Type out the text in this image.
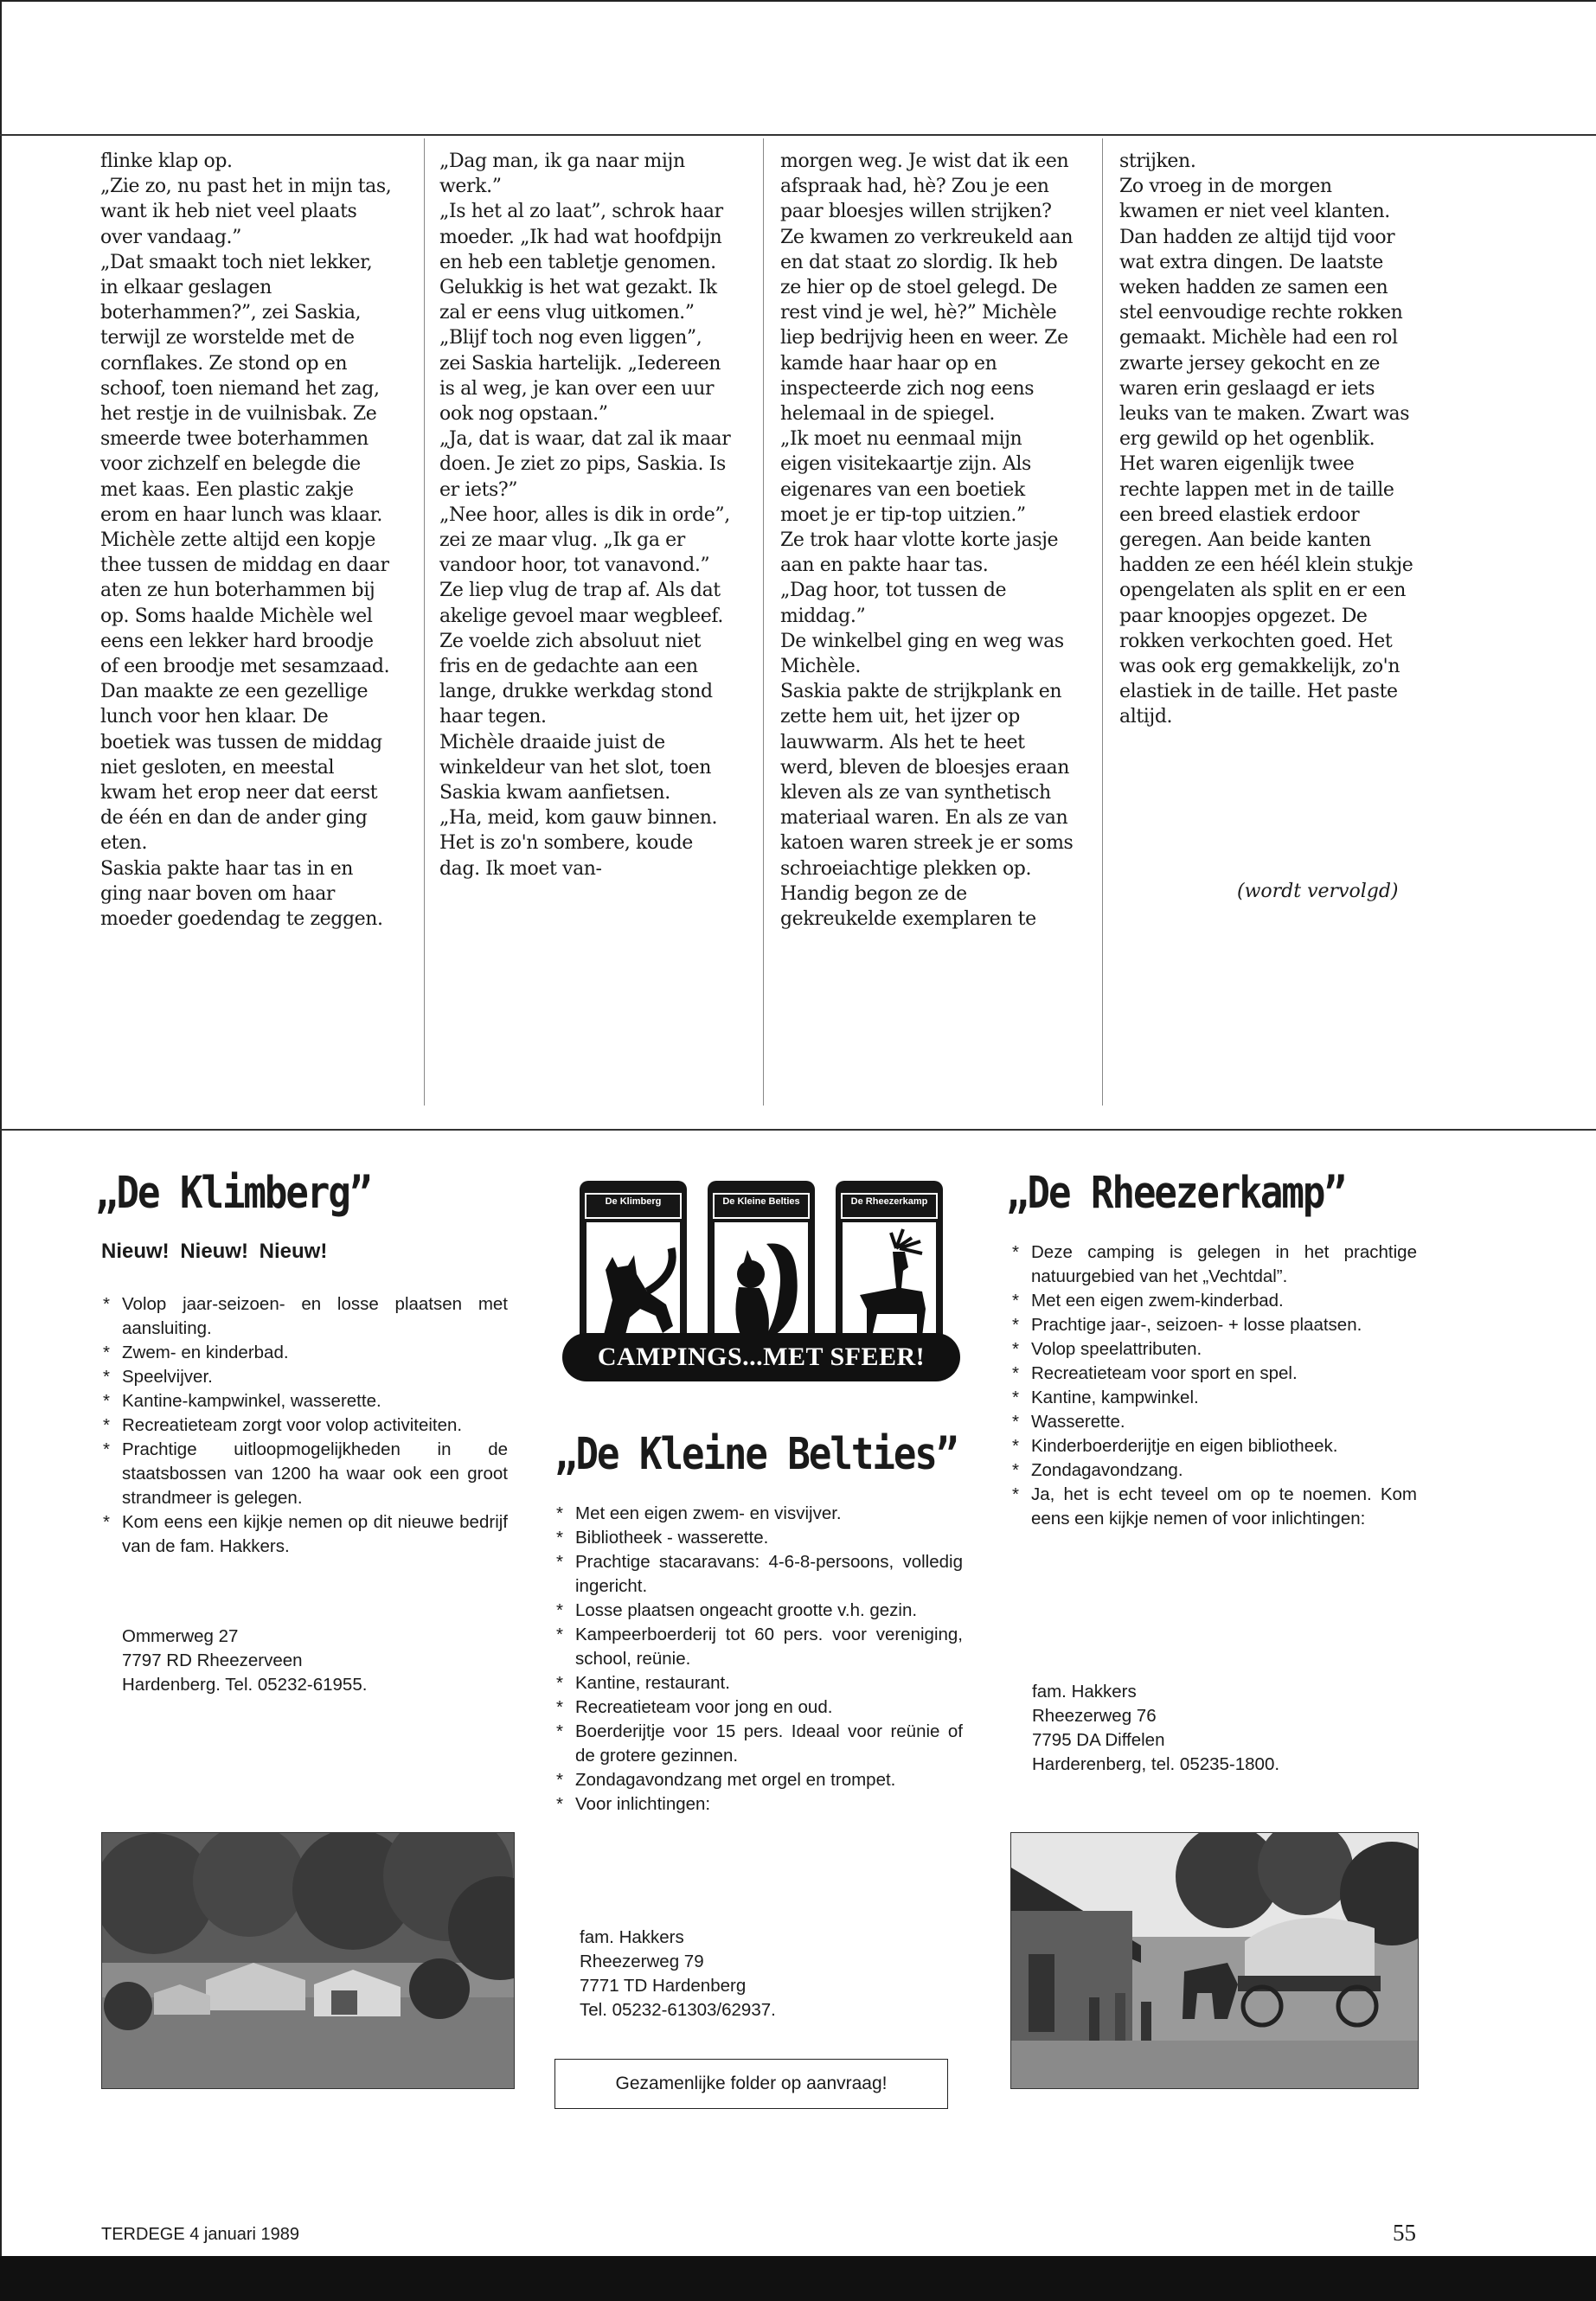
flinke klap op.
„Zie zo, nu past het in mijn tas, want ik heb niet veel plaats over vandaag.”
„Dat smaakt toch niet lekker, in elkaar geslagen boterhammen?”, zei Saskia, terwijl ze worstelde met de cornflakes. Ze stond op en schoof, toen niemand het zag, het restje in de vuilnisbak. Ze smeerde twee boterhammen voor zichzelf en belegde die met kaas. Een plastic zakje erom en haar lunch was klaar. Michèle zette altijd een kopje thee tussen de middag en daar aten ze hun boterhammen bij op. Soms haalde Michèle wel eens een lekker hard broodje of een broodje met sesamzaad. Dan maakte ze een gezellige lunch voor hen klaar. De boetiek was tussen de middag niet gesloten, en meestal kwam het erop neer dat eerst de één en dan de ander ging eten.
Saskia pakte haar tas in en ging naar boven om haar moeder goedendag te zeggen.

„Dag man, ik ga naar mijn werk.”
„Is het al zo laat”, schrok haar moeder. „Ik had wat hoofdpijn en heb een tabletje genomen. Gelukkig is het wat gezakt. Ik zal er eens vlug uitkomen.”
„Blijf toch nog even liggen”, zei Saskia hartelijk. „Iedereen is al weg, je kan over een uur ook nog opstaan.”
„Ja, dat is waar, dat zal ik maar doen. Je ziet zo pips, Saskia. Is er iets?”
„Nee hoor, alles is dik in orde”, zei ze maar vlug. „Ik ga er vandoor hoor, tot vanavond.”
Ze liep vlug de trap af. Als dat akelige gevoel maar wegbleef. Ze voelde zich absoluut niet fris en de gedachte aan een lange, drukke werkdag stond haar tegen.
Michèle draaide juist de winkeldeur van het slot, toen Saskia kwam aanfietsen.
„Ha, meid, kom gauw binnen. Het is zo'n sombere, koude dag. Ik moet van-

morgen weg. Je wist dat ik een afspraak had, hè? Zou je een paar bloesjes willen strijken? Ze kwamen zo verkreukeld aan en dat staat zo slordig. Ik heb ze hier op de stoel gelegd. De rest vind je wel, hè?” Michèle liep bedrijvig heen en weer. Ze kamde haar haar op en inspecteerde zich nog eens helemaal in de spiegel.
„Ik moet nu eenmaal mijn eigen visitekaartje zijn. Als eigenares van een boetiek moet je er tip-top uitzien.”
Ze trok haar vlotte korte jasje aan en pakte haar tas.
„Dag hoor, tot tussen de middag.”
De winkelbel ging en weg was Michèle.
Saskia pakte de strijkplank en zette hem uit, het ijzer op lauwwarm. Als het te heet werd, bleven de bloesjes eraan kleven als ze van synthetisch materiaal waren. En als ze van katoen waren streek je er soms schroeiachtige plekken op. Handig begon ze de gekreukelde exemplaren te

strijken.
Zo vroeg in de morgen kwamen er niet veel klanten. Dan hadden ze altijd tijd voor wat extra dingen. De laatste weken hadden ze samen een stel eenvoudige rechte rokken gemaakt. Michèle had een rol zwarte jersey gekocht en ze waren erin geslaagd er iets leuks van te maken. Zwart was erg gewild op het ogenblik. Het waren eigenlijk twee rechte lappen met in de taille een breed elastiek erdoor geregen. Aan beide kanten hadden ze een héél klein stukje opengelaten als split en er een paar knoopjes opgezet. De rokken verkochten goed. Het was ook erg gemakkelijk, zo'n elastiek in de taille. Het paste altijd.

(wordt vervolgd)
„De Klimberg”
Nieuw! Nieuw! Nieuw!
* Volop jaar-seizoen- en losse plaatsen met aansluiting.
* Zwem- en kinderbad.
* Speelvijver.
* Kantine-kampwinkel, wasserette.
* Recreatieteam zorgt voor volop activiteiten.
* Prachtige uitloopmogelijkheden in de staatsbossen van 1200 ha waar ook een groot strandmeer is gelegen.
* Kom eens een kijkje nemen op dit nieuwe bedrijf van de fam. Hakkers.

Ommerweg 27
7797 RD Rheezerveen
Hardenberg. Tel. 05232-61955.

De Klimberg	De Kleine Belties	De Rheezerkamp
CAMPINGS...MET SFEER!
„De Kleine Belties”
* Met een eigen zwem- en visvijver.
* Bibliotheek - wasserette.
* Prachtige stacaravans: 4-6-8-persoons, volledig ingericht.
* Losse plaatsen ongeacht grootte v.h. gezin.
* Kampeerboerderij tot 60 pers. voor vereniging, school, reünie.
* Kantine, restaurant.
* Recreatieteam voor jong en oud.
* Boerderijtje voor 15 pers. Ideaal voor reünie of de grotere gezinnen.
* Zondagavondzang met orgel en trompet.
* Voor inlichtingen:

fam. Hakkers
Rheezerweg 79
7771 TD Hardenberg
Tel. 05232-61303/62937.

Gezamenlijke folder op aanvraag!
„De Rheezerkamp”
* Deze camping is gelegen in het prachtige natuurgebied van het „Vechtdal”.
* Met een eigen zwem-kinderbad.
* Prachtige jaar-, seizoen- + losse plaatsen.
* Volop speelattributen.
* Recreatieteam voor sport en spel.
* Kantine, kampwinkel.
* Wasserette.
* Kinderboerderijtje en eigen bibliotheek.
* Zondagavondzang.
* Ja, het is echt teveel om op te noemen. Kom eens een kijkje nemen of voor inlichtingen:

fam. Hakkers
Rheezerweg 76
7795 DA Diffelen
Harderenberg, tel. 05235-1800.

TERDEGE 4 januari 1989	55
